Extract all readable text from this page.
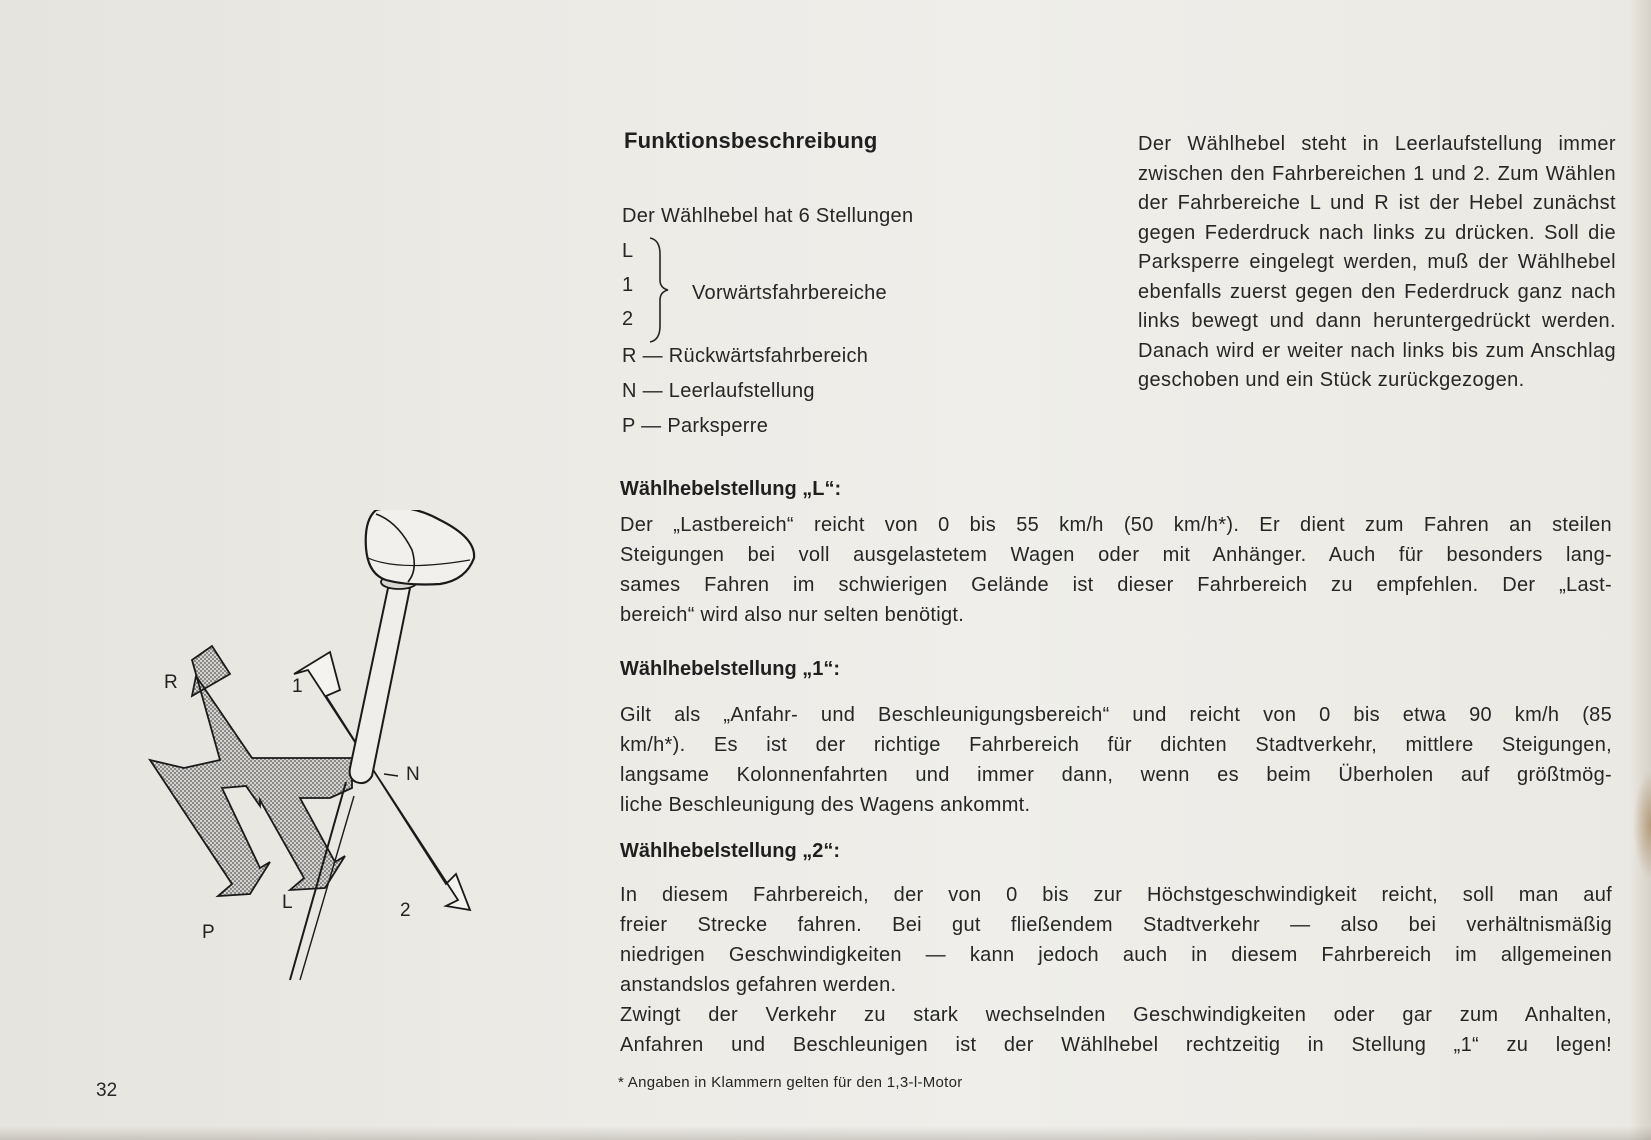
R	1
N
L	2
P
Funktionsbeschreibung
Der Wählhebel hat 6 Stellungen
L
1
2
Vorwärtsfahrbereiche
R — Rückwärtsfahrbereich
N — Leerlaufstellung
P — Parksperre
Der Wählhebel steht in Leerlaufstellung immer zwischen den Fahrbereichen 1 und 2. Zum Wählen der Fahrbereiche L und R ist der Hebel zunächst gegen Federdruck nach links zu drücken. Soll die Parksperre eingelegt werden, muß der Wählhebel ebenfalls zuerst gegen den Federdruck ganz nach links bewegt und dann heruntergedrückt werden. Danach wird er weiter nach links bis zum Anschlag geschoben und ein Stück zurückgezogen.
Wählhebelstellung „L“:
Der „Lastbereich“ reicht von 0 bis 55 km/h (50 km/h*). Er dient zum Fahren an steilen
Steigungen bei voll ausgelastetem Wagen oder mit Anhänger. Auch für besonders lang-
sames Fahren im schwierigen Gelände ist dieser Fahrbereich zu empfehlen. Der „Last-
bereich“ wird also nur selten benötigt.
Wählhebelstellung „1“:
Gilt als „Anfahr- und Beschleunigungsbereich“ und reicht von 0 bis etwa 90 km/h (85
km/h*). Es ist der richtige Fahrbereich für dichten Stadtverkehr, mittlere Steigungen,
langsame Kolonnenfahrten und immer dann, wenn es beim Überholen auf größtmög-
liche Beschleunigung des Wagens ankommt.
Wählhebelstellung „2“:
In diesem Fahrbereich, der von 0 bis zur Höchstgeschwindigkeit reicht, soll man auf
freier Strecke fahren. Bei gut fließendem Stadtverkehr — also bei verhältnismäßig
niedrigen Geschwindigkeiten — kann jedoch auch in diesem Fahrbereich im allgemeinen
anstandslos gefahren werden.
Zwingt der Verkehr zu stark wechselnden Geschwindigkeiten oder gar zum Anhalten,
Anfahren und Beschleunigen ist der Wählhebel rechtzeitig in Stellung „1“ zu legen!
* Angaben in Klammern gelten für den 1,3-l-Motor
32
